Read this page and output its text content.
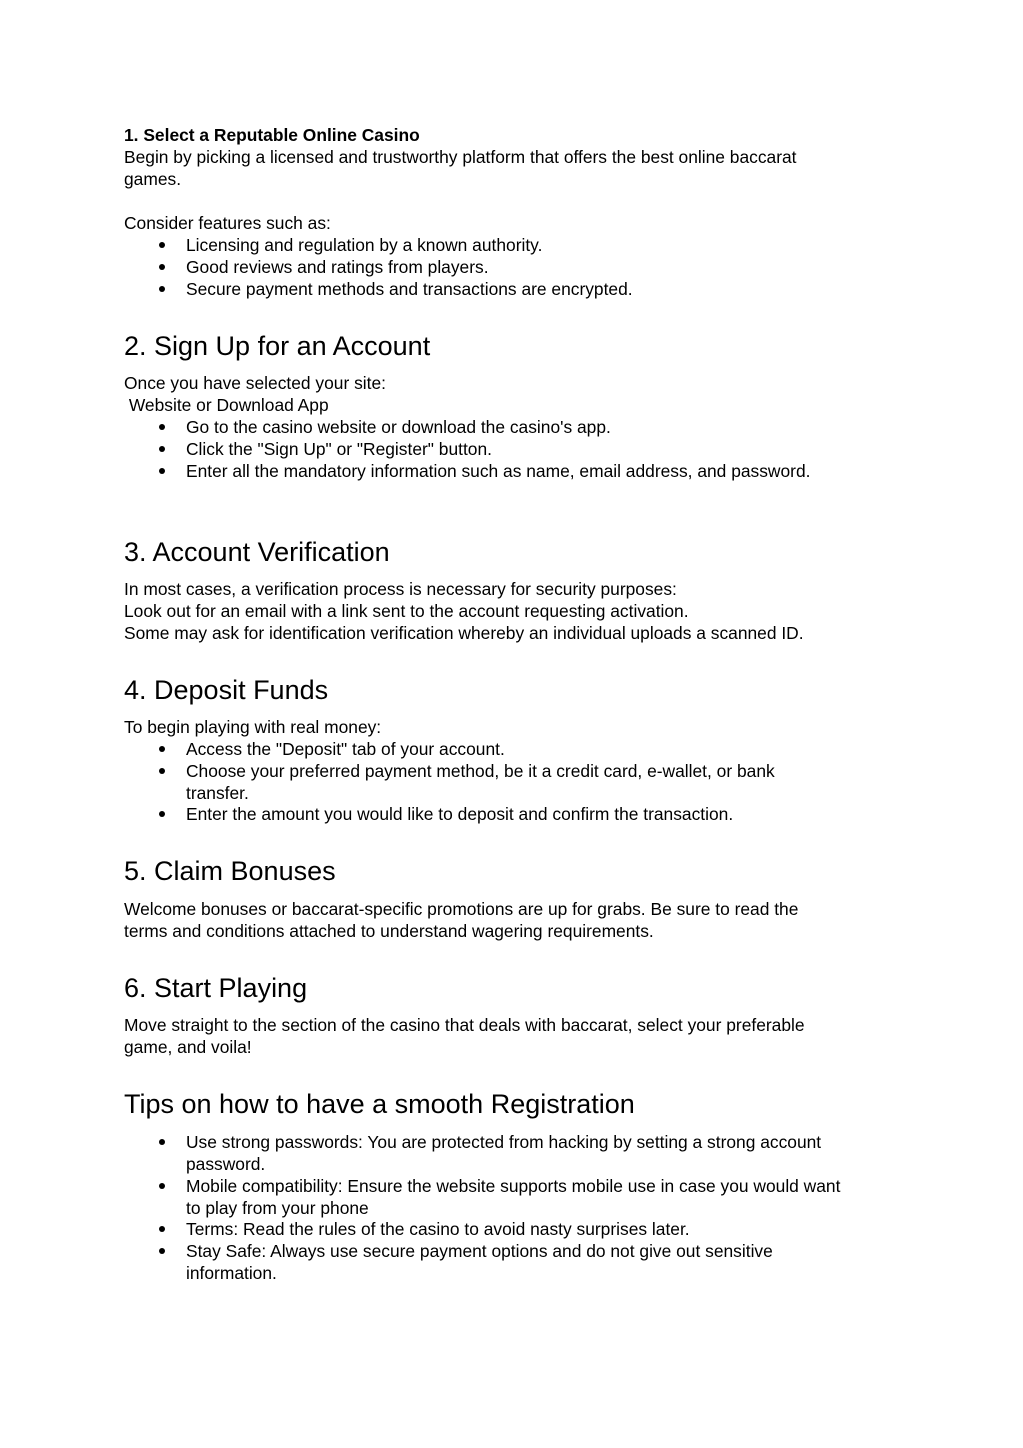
1. Select a Reputable Online Casino

Begin by picking a licensed and trustworthy platform that offers the best online baccarat

games.

Consider features such as:

Licensing and regulation by a known authority.

Good reviews and ratings from players.

Secure payment methods and transactions are encrypted.

2. Sign Up for an Account

Once you have selected your site:

Website or Download App

Go to the casino website or download the casino's app.

Click the "Sign Up" or "Register" button.

Enter all the mandatory information such as name, email address, and password.

3. Account Verification

In most cases, a verification process is necessary for security purposes:

Look out for an email with a link sent to the account requesting activation.

Some may ask for identification verification whereby an individual uploads a scanned ID.

4. Deposit Funds

To begin playing with real money:

Access the "Deposit" tab of your account.

Choose your preferred payment method, be it a credit card, e-wallet, or bank

transfer.

Enter the amount you would like to deposit and confirm the transaction.

5. Claim Bonuses

Welcome bonuses or baccarat-specific promotions are up for grabs. Be sure to read the

terms and conditions attached to understand wagering requirements.

6. Start Playing

Move straight to the section of the casino that deals with baccarat, select your preferable

game, and voila!

Tips on how to have a smooth Registration

Use strong passwords: You are protected from hacking by setting a strong account

password.

Mobile compatibility: Ensure the website supports mobile use in case you would want

to play from your phone

Terms: Read the rules of the casino to avoid nasty surprises later.

Stay Safe: Always use secure payment options and do not give out sensitive

information.
